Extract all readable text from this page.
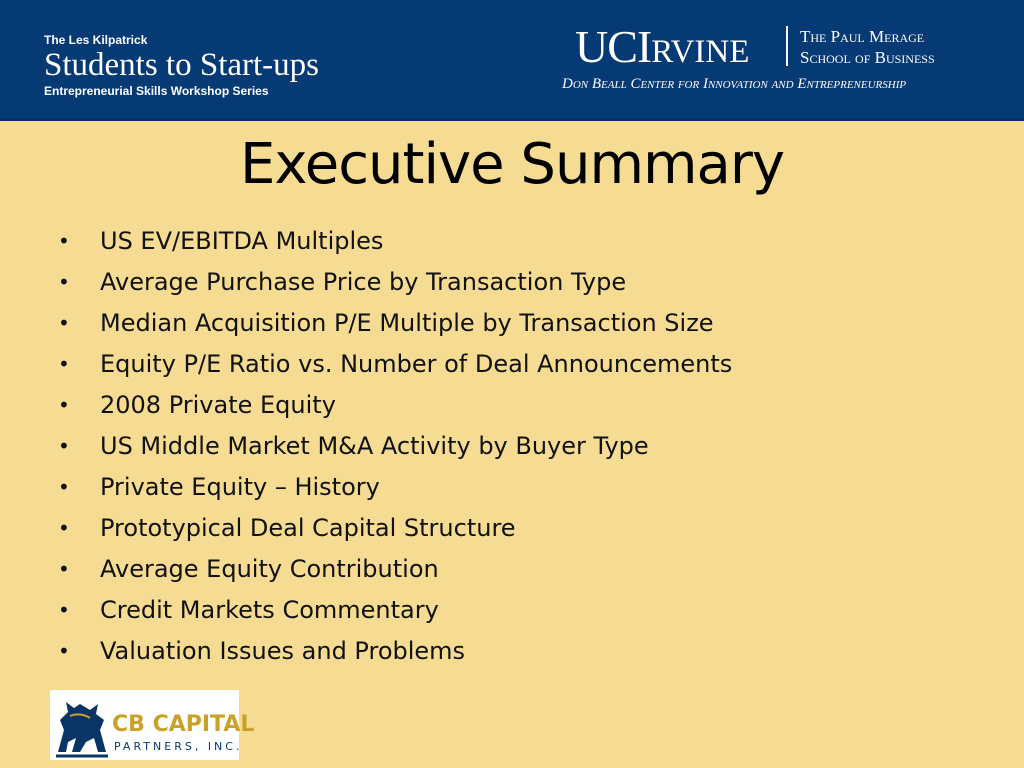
The Les Kilpatrick
Students to Start-ups
Entrepreneurial Skills Workshop Series
UCIRVINE	The Paul Merage
School of Business
Don Beall Center for Innovation and Entrepreneurship
Executive Summary
•	US EV/EBITDA Multiples
•	Average Purchase Price by Transaction Type
•	Median Acquisition P/E Multiple by Transaction Size
•	Equity P/E Ratio vs. Number of Deal Announcements
•	2008 Private Equity
•	US Middle Market M&A Activity by Buyer Type
•	Private Equity – History
•	Prototypical Deal Capital Structure
•	Average Equity Contribution
•	Credit Markets Commentary
•	Valuation Issues and Problems
CB CAPITAL
PARTNERS, INC.
